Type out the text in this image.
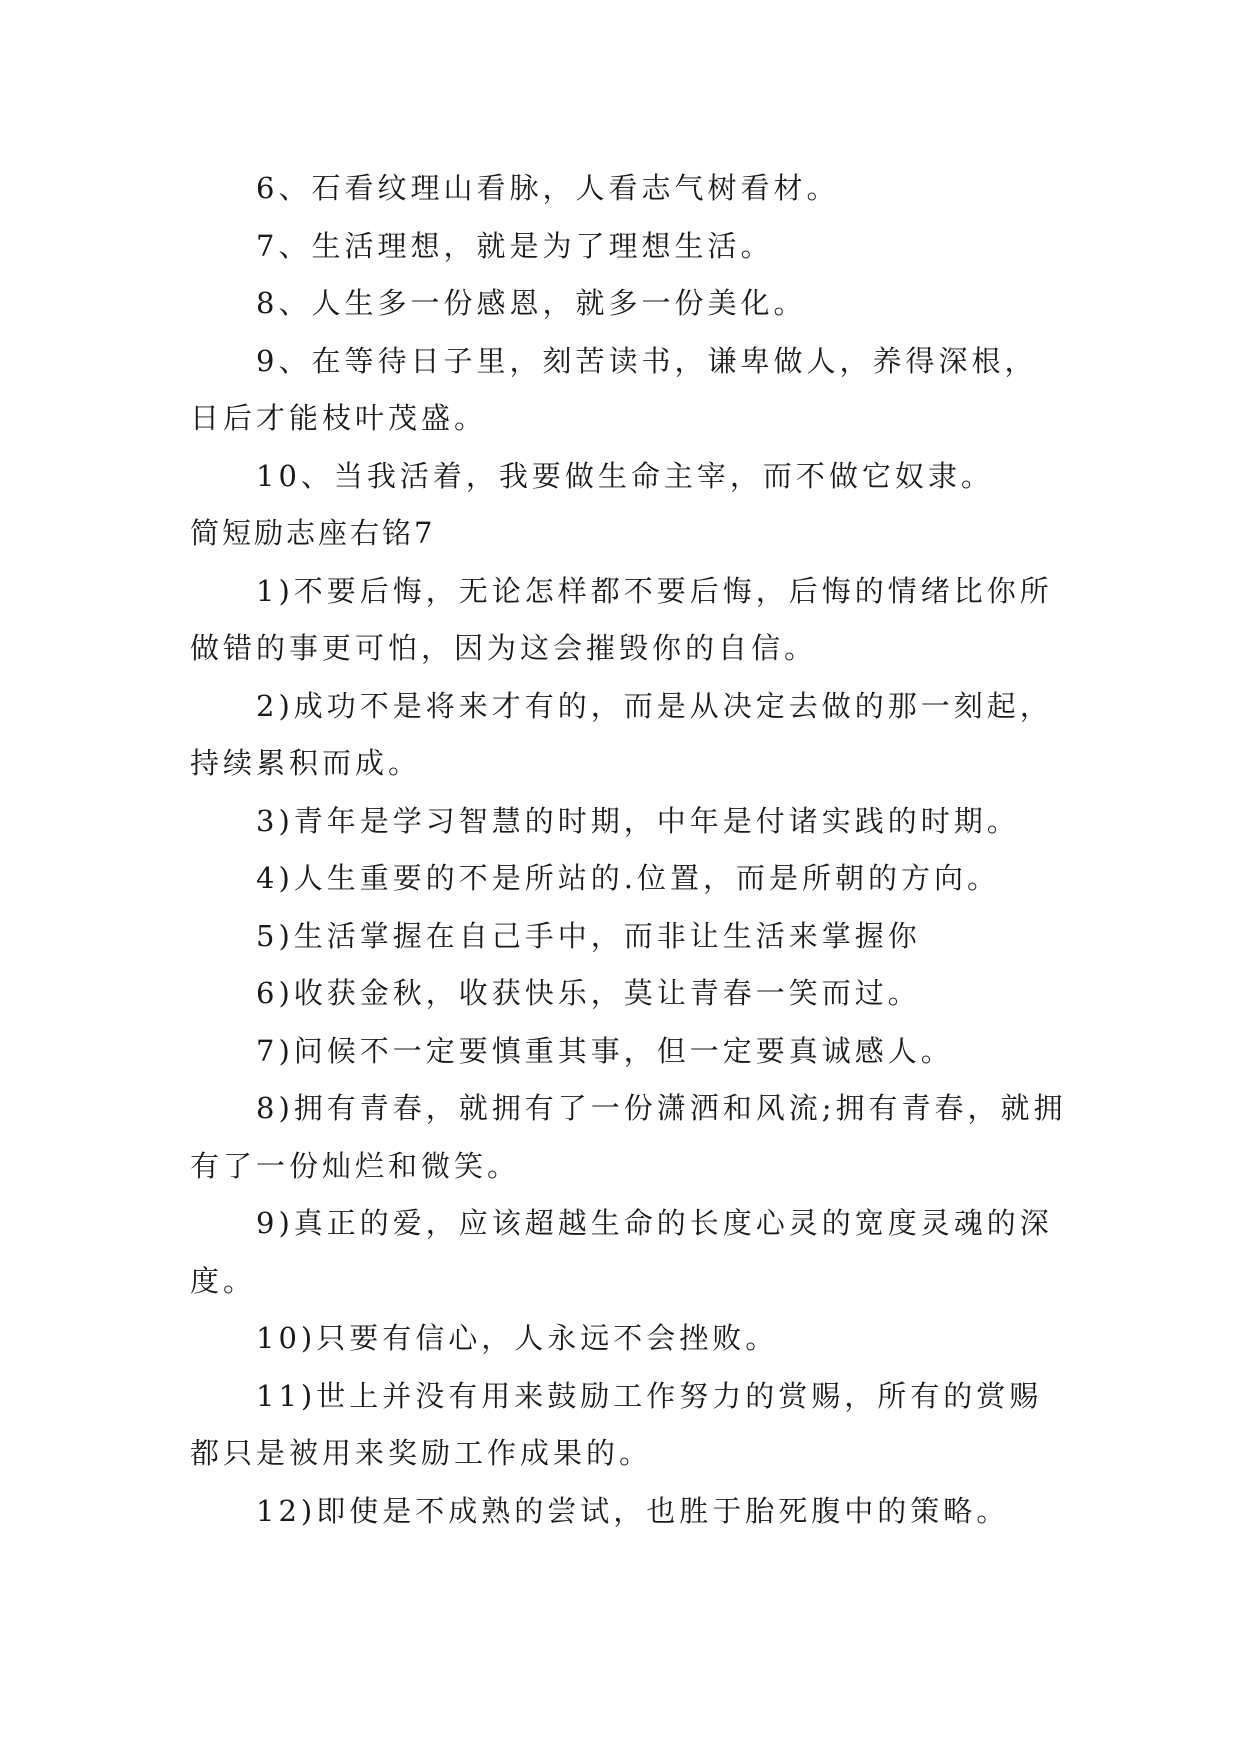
6、石看纹理山看脉，人看志气树看材。

7、生活理想，就是为了理想生活。

8、人生多一份感恩，就多一份美化。

9、在等待日子里，刻苦读书，谦卑做人，养得深根，日后才能枝叶茂盛。

10、当我活着，我要做生命主宰，而不做它奴隶。

简短励志座右铭7

1)不要后悔，无论怎样都不要后悔，后悔的情绪比你所做错的事更可怕，因为这会摧毁你的自信。

2)成功不是将来才有的，而是从决定去做的那一刻起，持续累积而成。

3)青年是学习智慧的时期，中年是付诸实践的时期。

4)人生重要的不是所站的.位置，而是所朝的方向。

5)生活掌握在自己手中，而非让生活来掌握你

6)收获金秋，收获快乐，莫让青春一笑而过。

7)问候不一定要慎重其事，但一定要真诚感人。

8)拥有青春，就拥有了一份潇洒和风流;拥有青春，就拥有了一份灿烂和微笑。

9)真正的爱，应该超越生命的长度心灵的宽度灵魂的深度。

10)只要有信心，人永远不会挫败。

11)世上并没有用来鼓励工作努力的赏赐，所有的赏赐都只是被用来奖励工作成果的。

12)即使是不成熟的尝试，也胜于胎死腹中的策略。
